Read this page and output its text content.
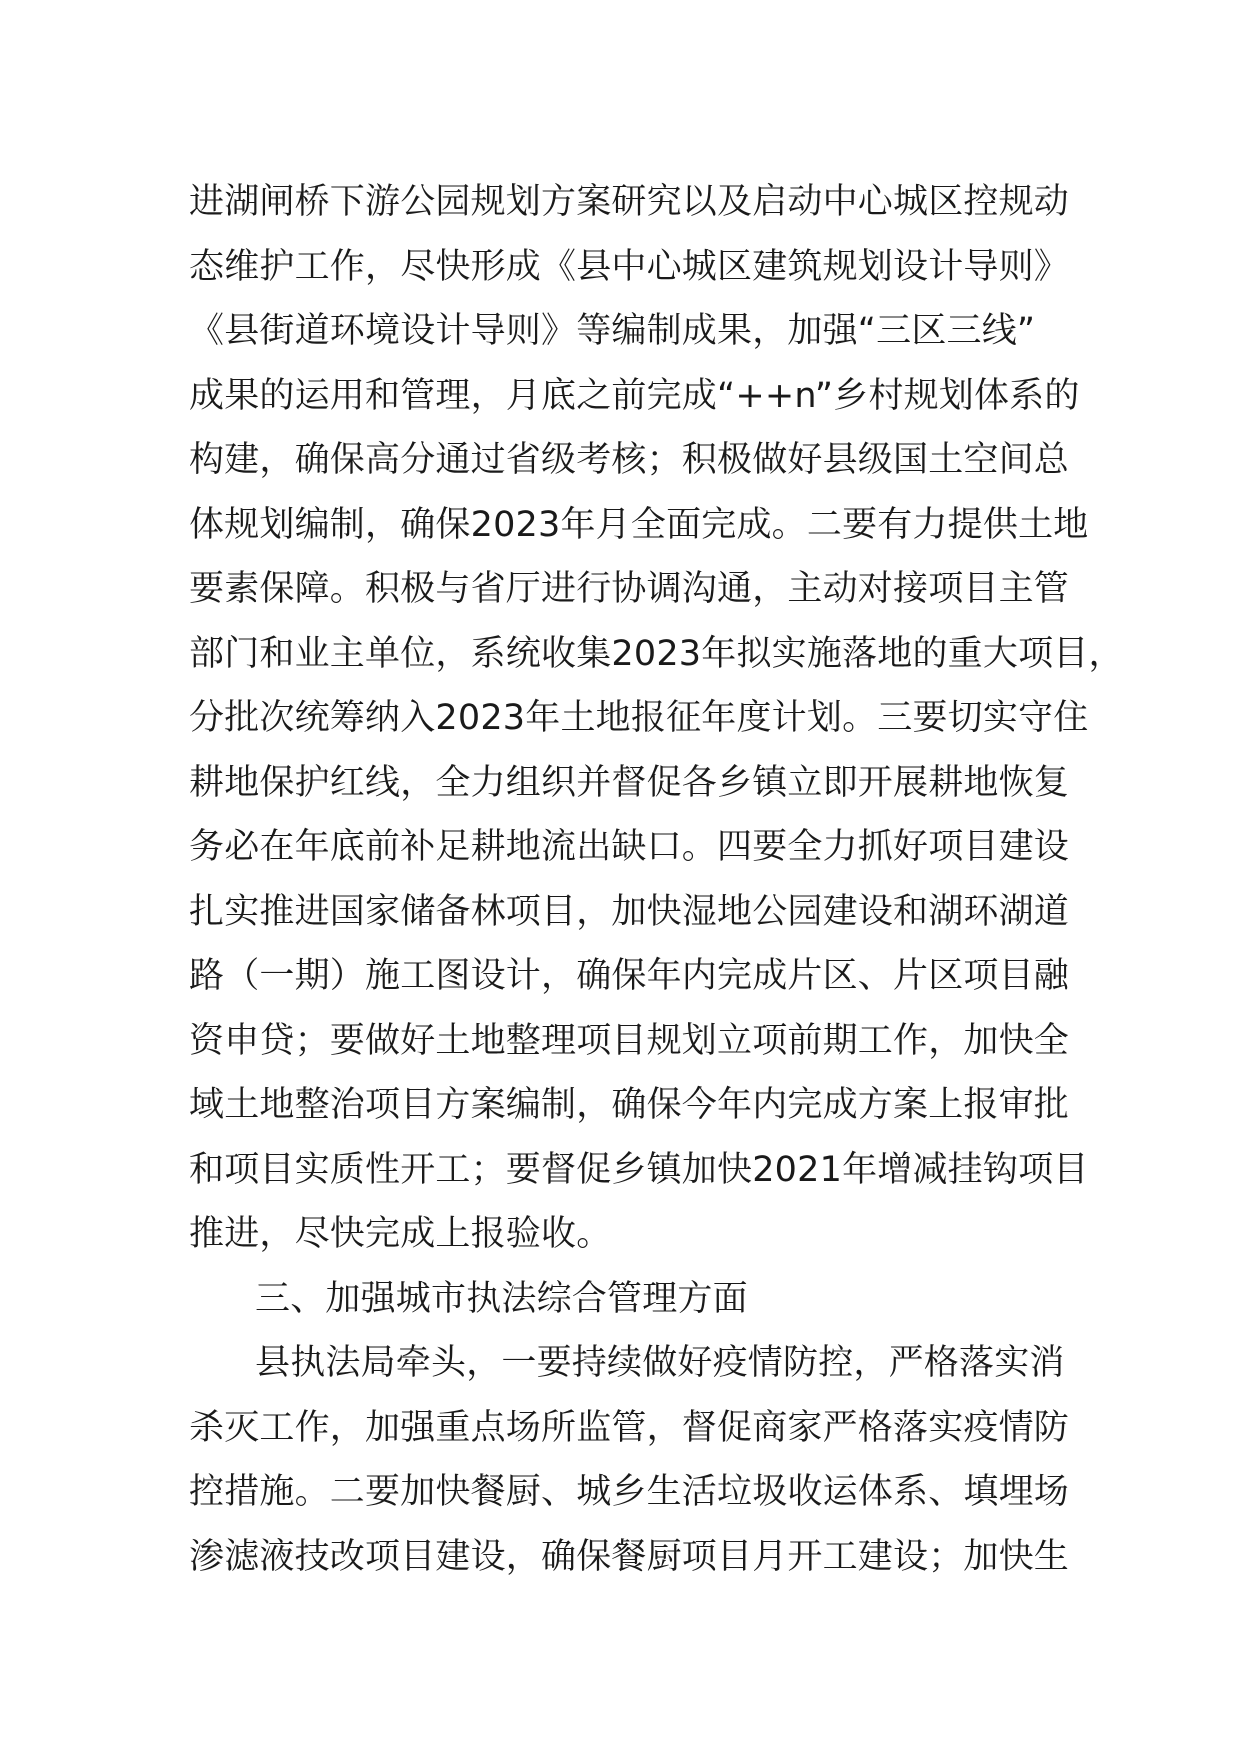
进湖闸桥下游公园规划方案研究以及启动中心城区控规动
态维护工作，尽快形成《县中心城区建筑规划设计导则》
《县街道环境设计导则》等编制成果，加强“三区三线”
成果的运用和管理，月底之前完成“++n”乡村规划体系的
构建，确保高分通过省级考核；积极做好县级国土空间总
体规划编制，确保2023年月全面完成。二要有力提供土地
要素保障。积极与省厅进行协调沟通，主动对接项目主管
部门和业主单位，系统收集2023年拟实施落地的重大项目，
分批次统筹纳入2023年土地报征年度计划。三要切实守住
耕地保护红线，全力组织并督促各乡镇立即开展耕地恢复
务必在年底前补足耕地流出缺口。四要全力抓好项目建设
扎实推进国家储备林项目，加快湿地公园建设和湖环湖道
路（一期）施工图设计，确保年内完成片区、片区项目融
资申贷；要做好土地整理项目规划立项前期工作，加快全
域土地整治项目方案编制，确保今年内完成方案上报审批
和项目实质性开工；要督促乡镇加快2021年增减挂钩项目
推进，尽快完成上报验收。
三、加强城市执法综合管理方面
县执法局牵头，一要持续做好疫情防控，严格落实消
杀灭工作，加强重点场所监管，督促商家严格落实疫情防
控措施。二要加快餐厨、城乡生活垃圾收运体系、填埋场
渗滤液技改项目建设，确保餐厨项目月开工建设；加快生
